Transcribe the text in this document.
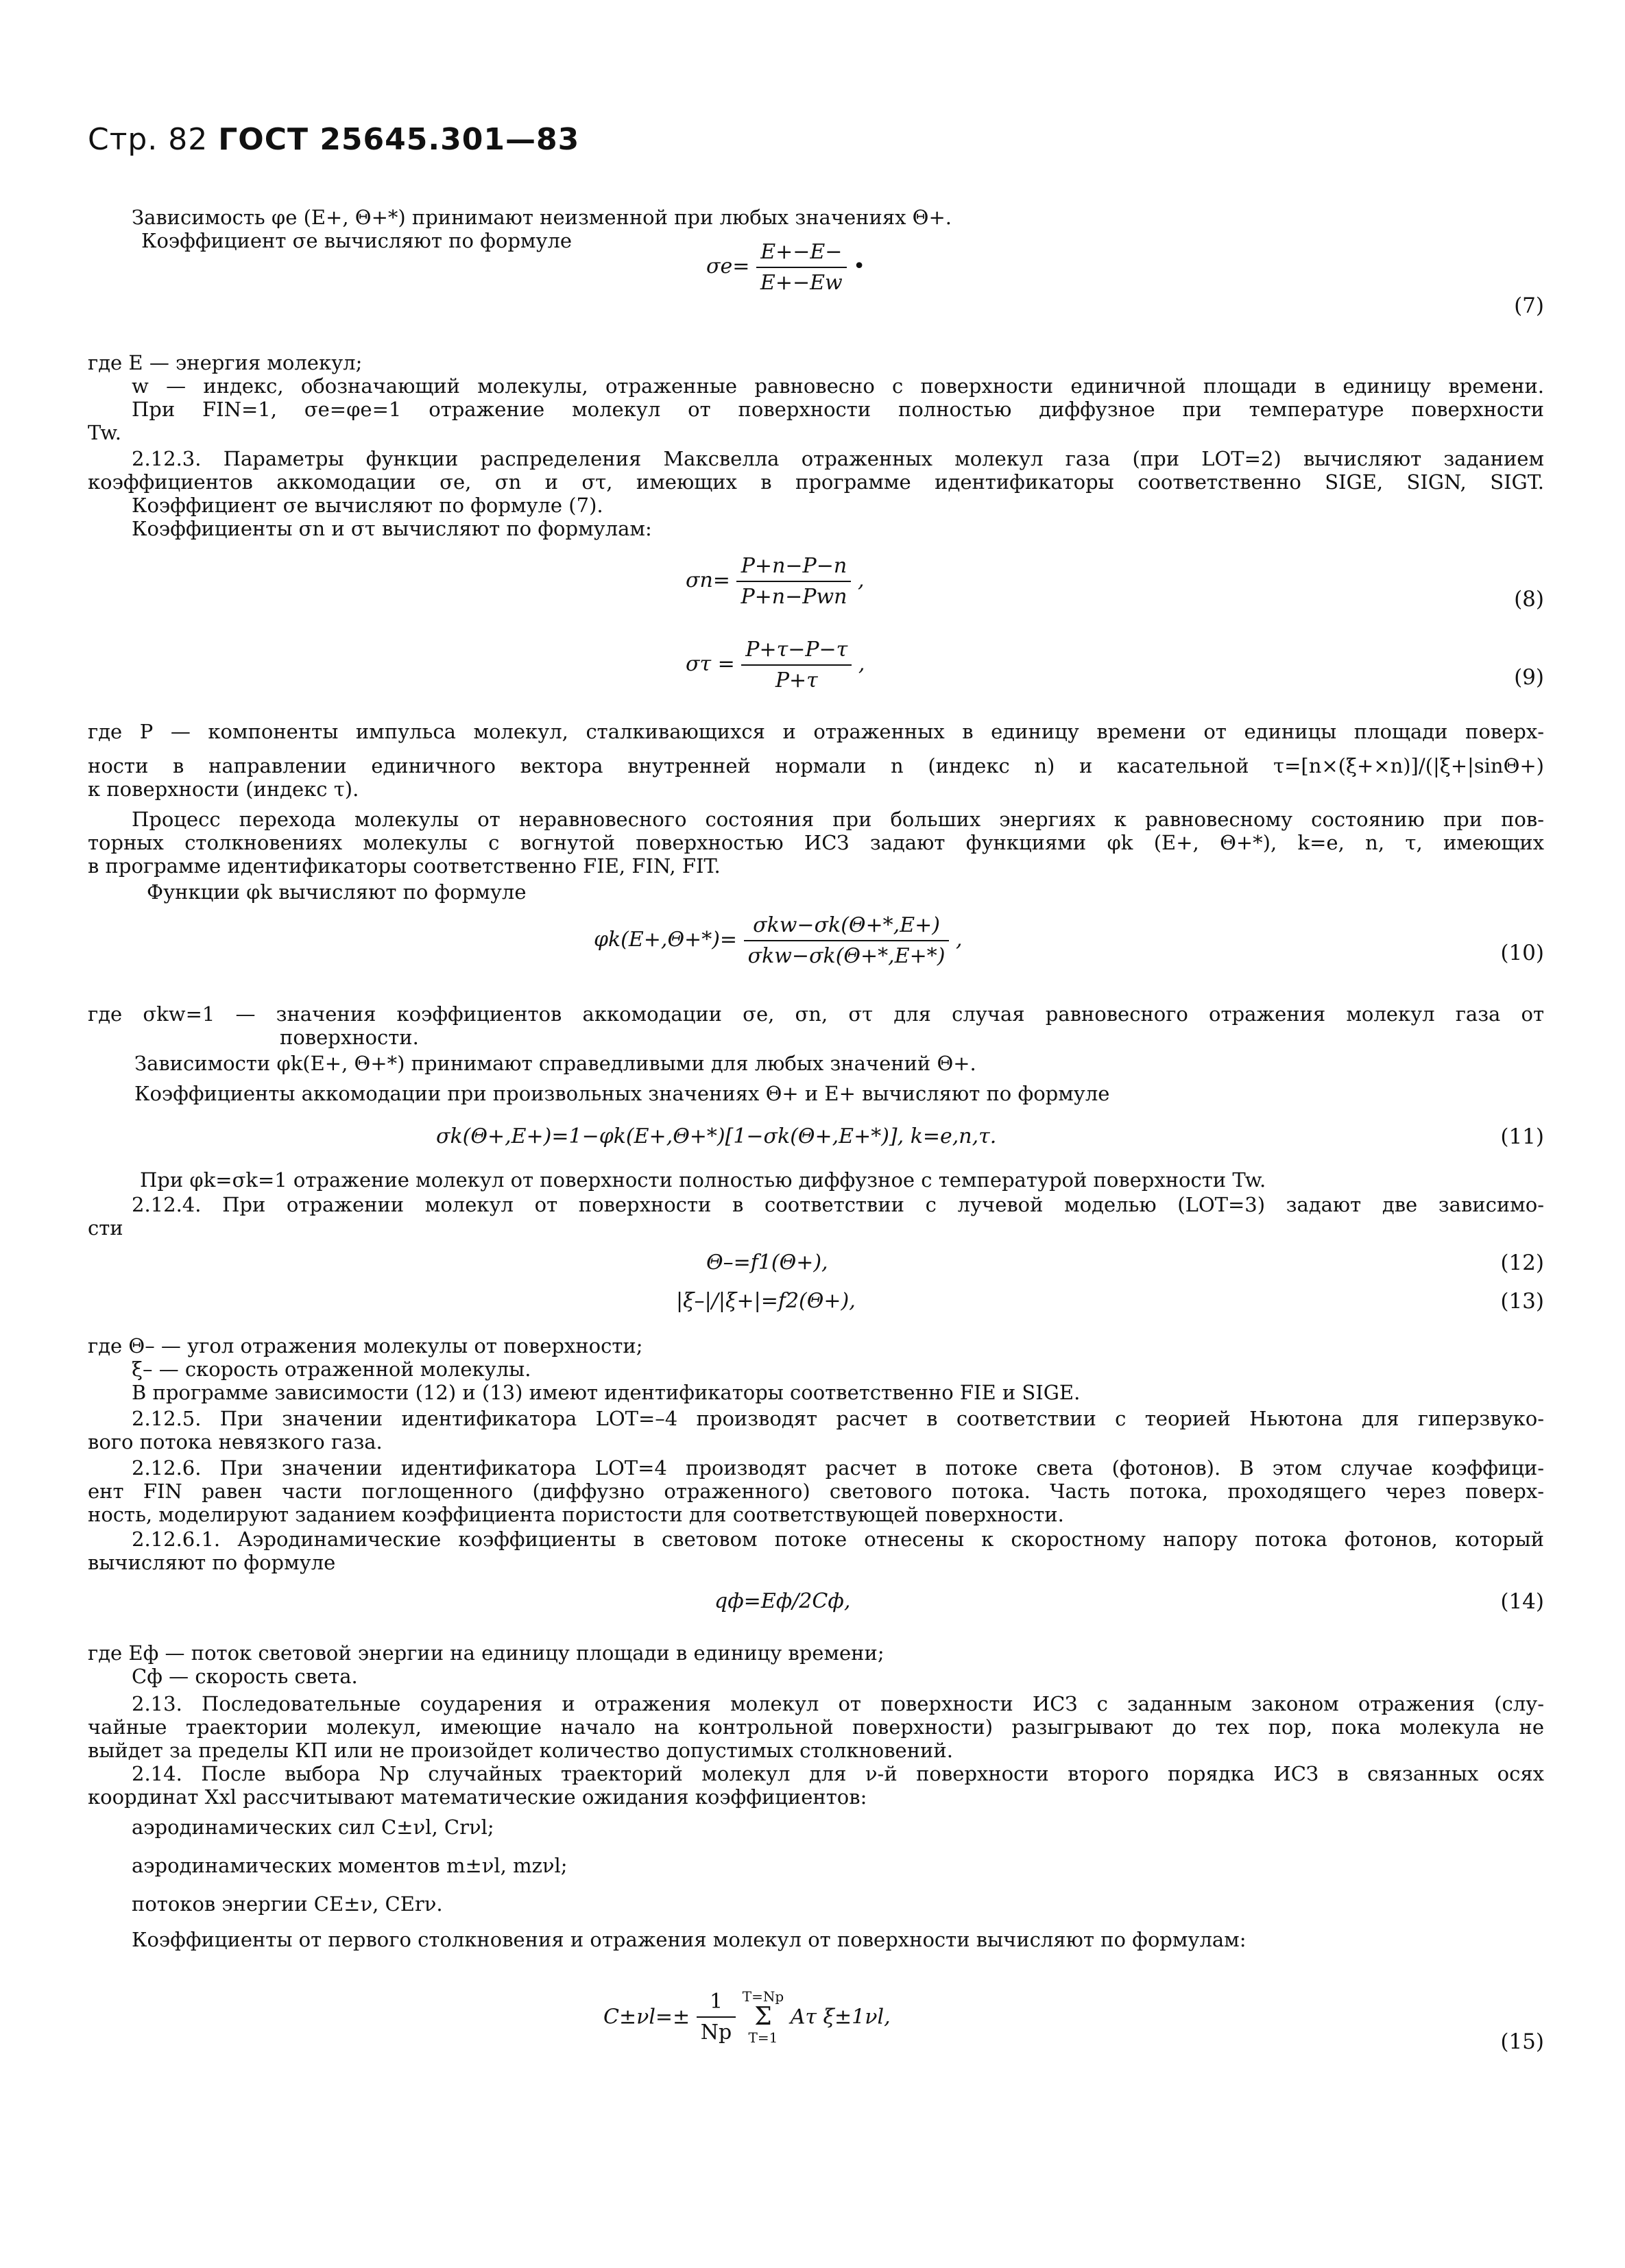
Стр. 82 ГОСТ 25645.301—83
Зависимость φe (E+, Θ+*) принимают неизменной при любых значениях Θ+.
Коэффициент σe вычисляют по формуле
$\sigma e= \frac{E+-E-}{E+-Ew}$ •
(7)
где E — энергия молекул;
w — индекс, обозначающий молекулы, отраженные равновесно с поверхности единичной площади в единицу времени.
При FIN=1, σe=φe=1 отражение молекул от поверхности полностью диффузное при температуре поверхности
Tw.
2.12.3. Параметры функции распределения Максвелла отраженных молекул газа (при LOT=2) вычисляют заданием
коэффициентов аккомодации σe, σn и στ, имеющих в программе идентификаторы соответственно SIGE, SIGN, SIGT.
Коэффициент σe вычисляют по формуле (7).
Коэффициенты σn и στ вычисляют по формулам:
$\sigma n= \frac{P+n-P-n}{\text{P+n−Pwn}}$ ,
(8)
$\sigma\tau = \frac{P+\tau-P-\tau}{P+\tau}$ ,
(9)
где P — компоненты импульса молекул, сталкивающихся и отраженных в единицу времени от единицы площади поверх-
ности в направлении единичного вектора внутренней нормали n (индекс n) и касательной τ=[n×(ξ+×n)]/(|ξ+|sinΘ+)
к поверхности (индекс τ).
Процесс перехода молекулы от неравновесного состояния при больших энергиях к равновесному состоянию при пов-
торных столкновениях молекулы с вогнутой поверхностью ИСЗ задают функциями φk (E+, Θ+*), k=e, n, τ, имеющих
в программе идентификаторы соответственно FIE, FIN, FIT.
Функции φk вычисляют по формуле
$\varphi k(E+,\Theta+*)= \frac{\text{σkw−σk(Θ+*,E+)}}{\text{σkw−σk(Θ+*,E+*)}}$ ,
(10)
где σkw=1 — значения коэффициентов аккомодации σe, σn, στ для случая равновесного отражения молекул газа от
поверхности.
Зависимости φk(E+, Θ+*) принимают справедливыми для любых значений Θ+.
Коэффициенты аккомодации при произвольных значениях Θ+ и E+ вычисляют по формуле
σk(Θ+,E+)=1−φk(E+,Θ+*)[1−σk(Θ+,E+*)], k=e,n,τ.	(11)
При φk=σk=1 отражение молекул от поверхности полностью диффузное с температурой поверхности Tw.
2.12.4. При отражении молекул от поверхности в соответствии с лучевой моделью (LOT=3) задают две зависимо-
сти
Θ–=f1(Θ+),	(12)
|ξ–|/|ξ+|=f2(Θ+),	(13)
где Θ– — угол отражения молекулы от поверхности;
ξ– — скорость отраженной молекулы.
В программе зависимости (12) и (13) имеют идентификаторы соответственно FIE и SIGE.
2.12.5. При значении идентификатора LOT=–4 производят расчет в соответствии с теорией Ньютона для гиперзвуко-
вого потока невязкого газа.
2.12.6. При значении идентификатора LOT=4 производят расчет в потоке света (фотонов). В этом случае коэффици-
ент FIN равен части поглощенного (диффузно отраженного) светового потока. Часть потока, проходящего через поверх-
ность, моделируют заданием коэффициента пористости для соответствующей поверхности.
2.12.6.1. Аэродинамические коэффициенты в световом потоке отнесены к скоростному напору потока фотонов, который
вычисляют по формуле
qф=Eф/2Cф,	(14)
где Eф — поток световой энергии на единицу площади в единицу времени;
Cф — скорость света.
2.13. Последовательные соударения и отражения молекул от поверхности ИСЗ с заданным законом отражения (слу-
чайные траектории молекул, имеющие начало на контрольной поверхности) разыгрывают до тех пор, пока молекула не
выйдет за пределы КП или не произойдет количество допустимых столкновений.
2.14. После выбора Np случайных траекторий молекул для ν-й поверхности второго порядка ИСЗ в связанных осях
координат Xxl рассчитывают математические ожидания коэффициентов:
аэродинамических сил C±νl, Crνl;
аэродинамических моментов m±νl, mzνl;
потоков энергии CE±ν, CErν.
Коэффициенты от первого столкновения и отражения молекул от поверхности вычисляют по формулам:
$C\pm\nu l=\pm \frac{1}{Np}$
T=Np
Σ
T=1
Aτ ξ±1νl,
(15)
